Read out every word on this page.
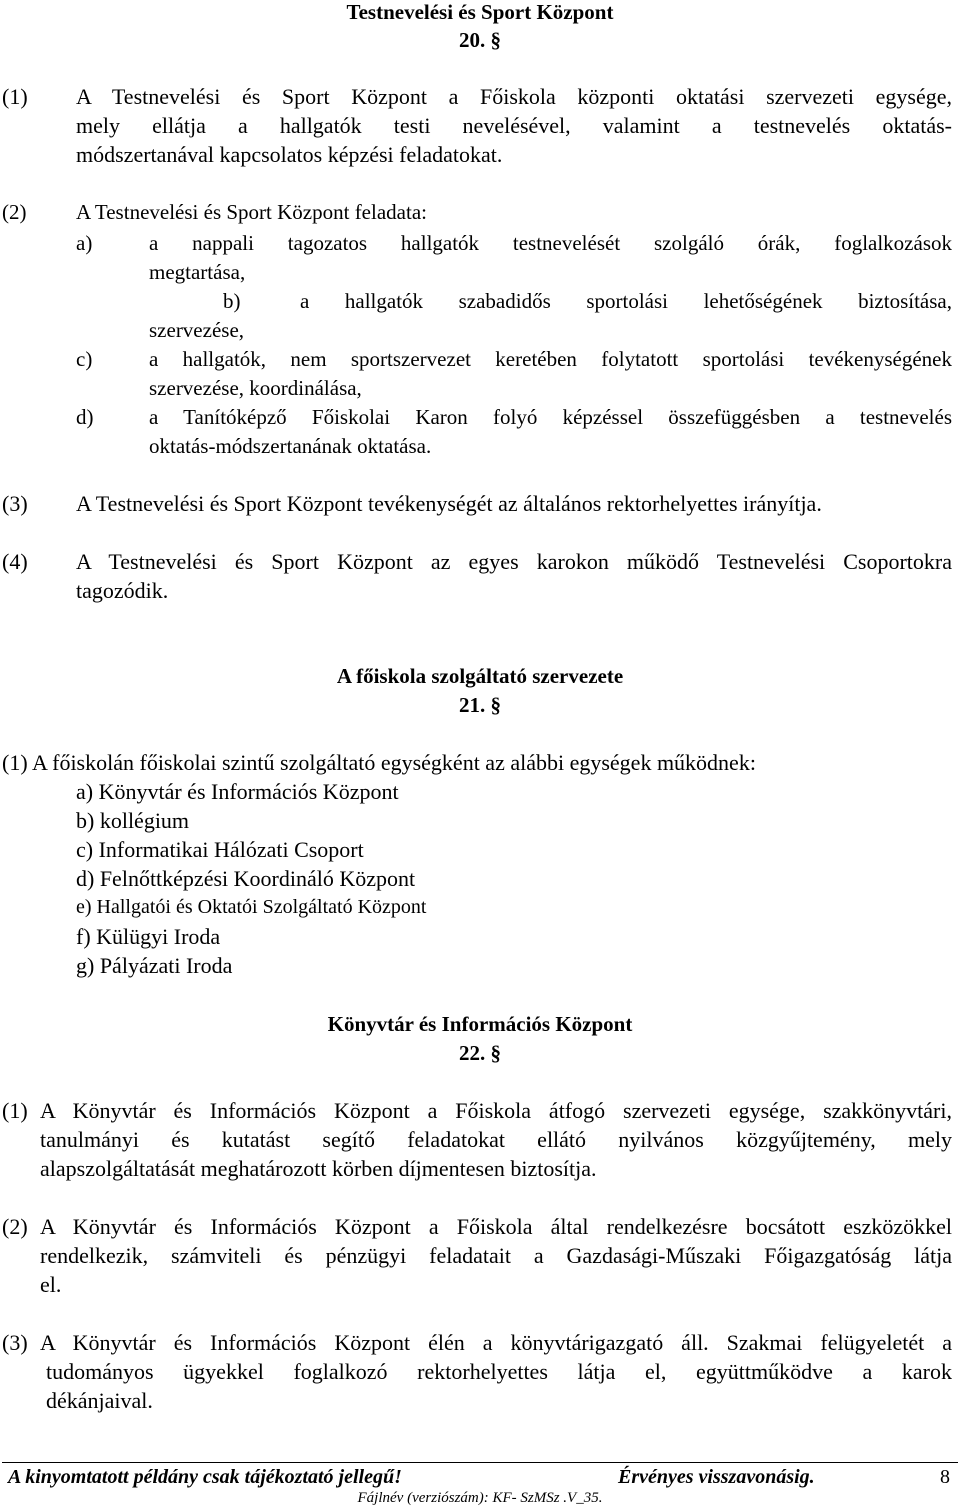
Testnevelési és Sport Központ
20. §
(1) A Testnevelési és Sport Központ a Főiskola központi oktatási szervezeti egysége,
mely ellátja a hallgatók testi nevelésével, valamint a testnevelés oktatás-
módszertanával kapcsolatos képzési feladatokat.
(2) A Testnevelési és Sport Központ feladata:
a)	a nappali tagozatos hallgatók testnevelését szolgáló órák, foglalkozások
megtartása,
b)	a hallgatók szabadidős sportolási lehetőségének biztosítása,
szervezése,
c)	a hallgatók, nem sportszervezet keretében folytatott sportolási tevékenységének
szervezése, koordinálása,
d)	a Tanítóképző Főiskolai Karon folyó képzéssel összefüggésben a testnevelés
oktatás-módszertanának oktatása.
(3) A Testnevelési és Sport Központ tevékenységét az általános rektorhelyettes irányítja.
(4) A Testnevelési és Sport Központ az egyes karokon működő Testnevelési Csoportokra
tagozódik.
A főiskola szolgáltató szervezete
21. §
(1) A főiskolán főiskolai szintű szolgáltató egységként az alábbi egységek működnek:
a) Könyvtár és Információs Központ
b) kollégium
c) Informatikai Hálózati Csoport
d) Felnőttképzési Koordináló Központ
e) Hallgatói és Oktatói Szolgáltató Központ
f) Külügyi Iroda
g) Pályázati Iroda
Könyvtár és Információs Központ
22. §
(1) A Könyvtár és Információs Központ a Főiskola átfogó szervezeti egysége, szakkönyvtári,
tanulmányi és kutatást segítő feladatokat ellátó nyilvános közgyűjtemény, mely
alapszolgáltatását meghatározott körben díjmentesen biztosítja.
(2) A Könyvtár és Információs Központ a Főiskola által rendelkezésre bocsátott eszközökkel
rendelkezik, számviteli és pénzügyi feladatait a Gazdasági-Műszaki Főigazgatóság látja
el.
(3) A Könyvtár és Információs Központ élén a könyvtárigazgató áll. Szakmai felügyeletét a
tudományos ügyekkel foglalkozó rektorhelyettes látja el, együttműködve a karok
dékánjaival.
A kinyomtatott példány csak tájékoztató jellegű!	Érvényes visszavonásig.	8
Fájlnév (verziószám): KF- SzMSz .V_35.
